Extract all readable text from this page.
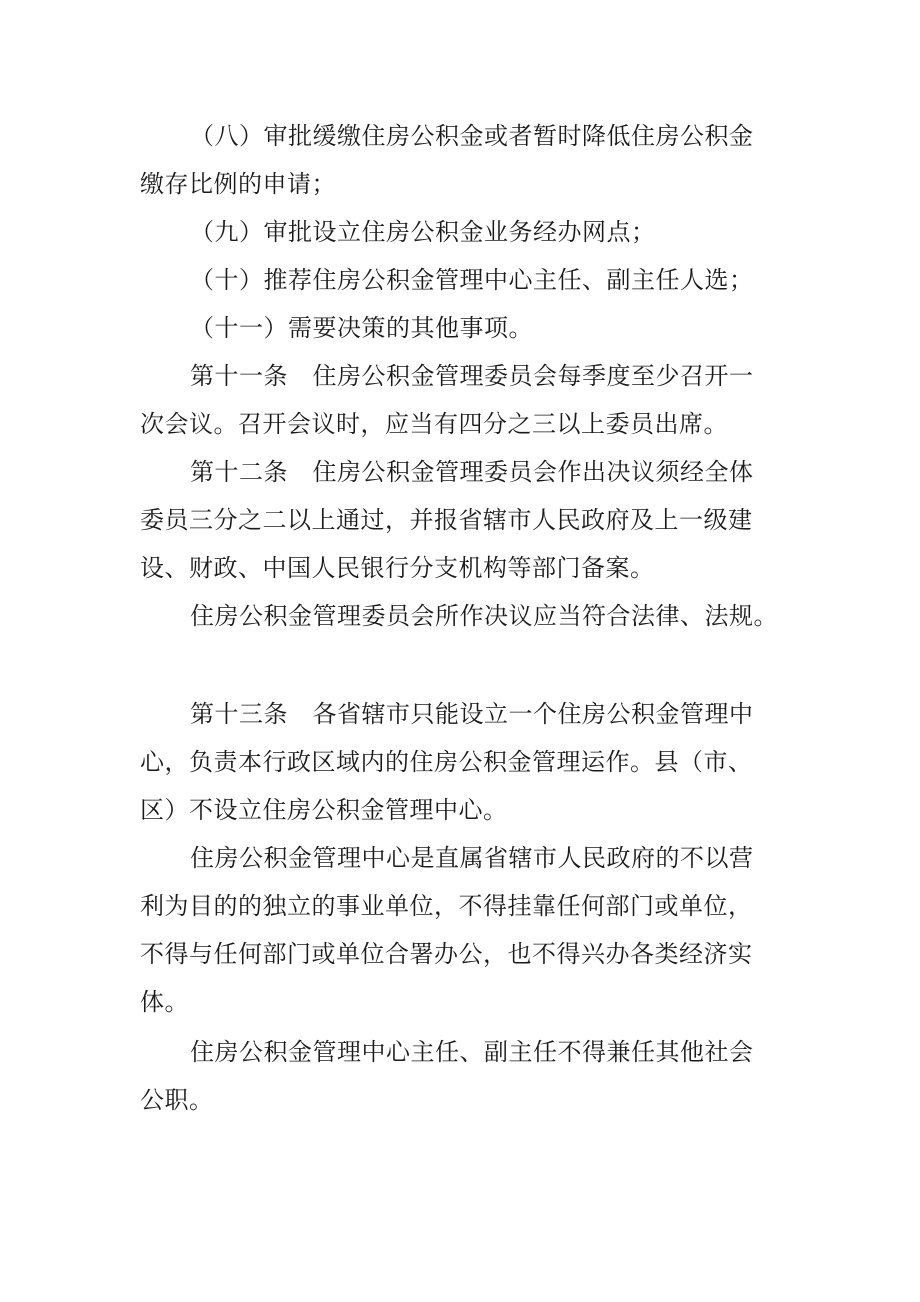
（八）审批缓缴住房公积金或者暂时降低住房公积金
缴存比例的申请；
（九）审批设立住房公积金业务经办网点；
（十）推荐住房公积金管理中心主任、副主任人选；
（十一）需要决策的其他事项。
第十一条　住房公积金管理委员会每季度至少召开一
次会议。召开会议时，应当有四分之三以上委员出席。
第十二条　住房公积金管理委员会作出决议须经全体
委员三分之二以上通过，并报省辖市人民政府及上一级建
设、财政、中国人民银行分支机构等部门备案。
住房公积金管理委员会所作决议应当符合法律、法规。
第十三条　各省辖市只能设立一个住房公积金管理中
心，负责本行政区域内的住房公积金管理运作。县（市、
区）不设立住房公积金管理中心。
住房公积金管理中心是直属省辖市人民政府的不以营
利为目的的独立的事业单位，不得挂靠任何部门或单位，
不得与任何部门或单位合署办公，也不得兴办各类经济实
体。
住房公积金管理中心主任、副主任不得兼任其他社会
公职。
